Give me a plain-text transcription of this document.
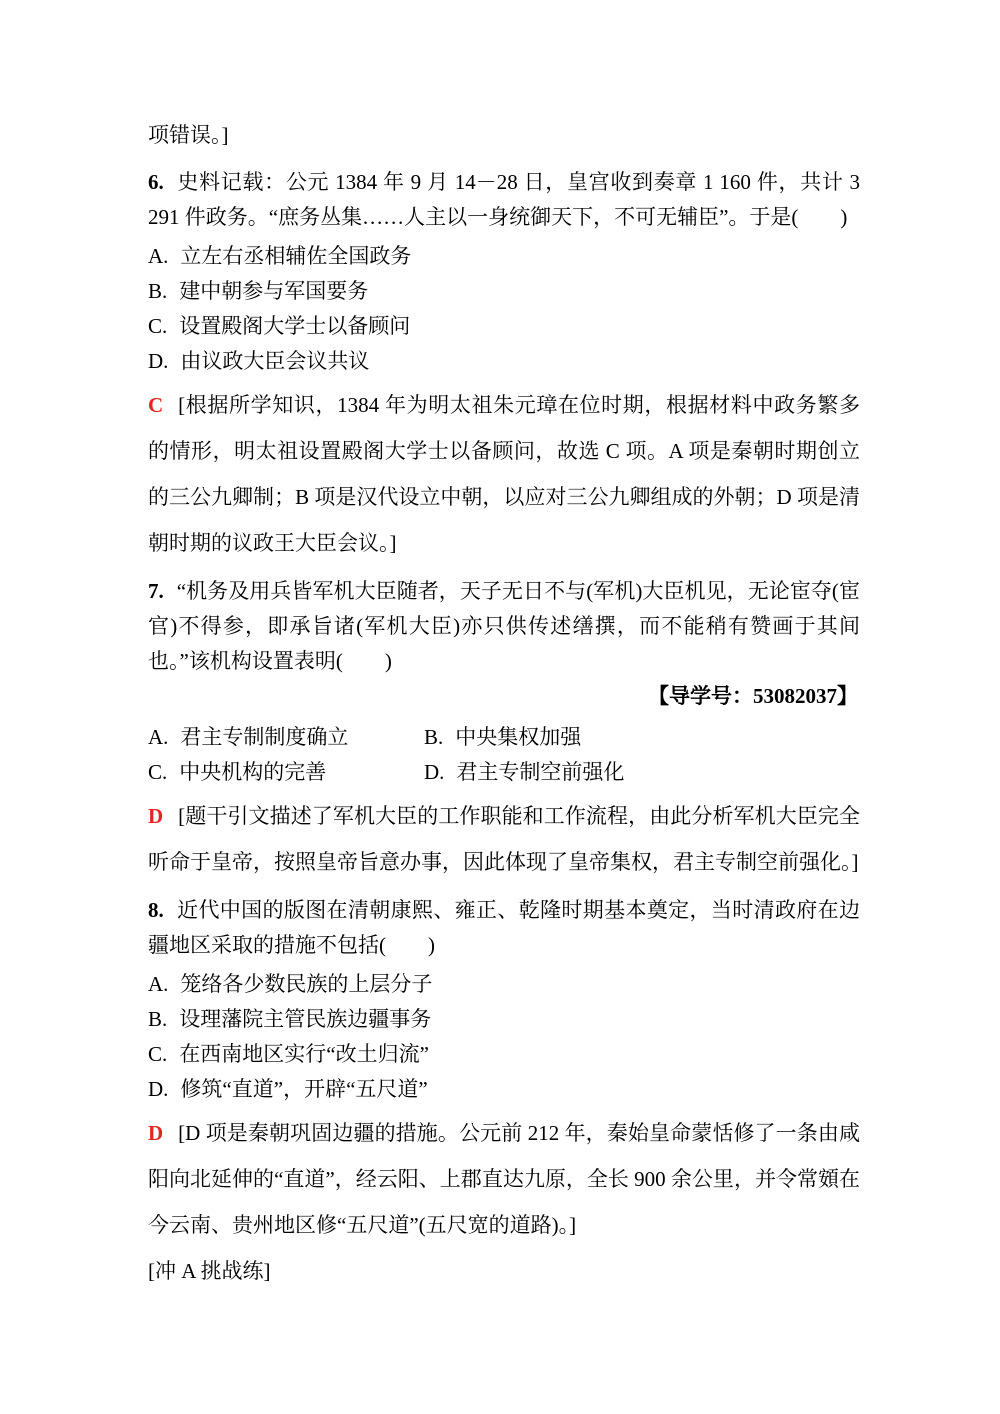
项错误。]

6. 史料记载：公元 1384 年 9 月 14－28 日，皇宫收到奏章 1 160 件，共计 3 291 件政务。“庶务丛集……人主以一身统御天下，不可无辅臣”。于是(　　)

A. 立左右丞相辅佐全国政务

B. 建中朝参与军国要务

C. 设置殿阁大学士以备顾问

D. 由议政大臣会议共议

C [根据所学知识，1384 年为明太祖朱元璋在位时期，根据材料中政务繁多的情形，明太祖设置殿阁大学士以备顾问，故选 C 项。A 项是秦朝时期创立的三公九卿制；B 项是汉代设立中朝，以应对三公九卿组成的外朝；D 项是清朝时期的议政王大臣会议。]

7. “机务及用兵皆军机大臣随者，天子无日不与(军机)大臣机见，无论宦夺(宦官)不得参，即承旨诸(军机大臣)亦只供传述缮撰，而不能稍有赞画于其间也。”该机构设置表明(　　)

【导学号：53082037】

A. 君主专制制度确立	B. 中央集权加强

C. 中央机构的完善	D. 君主专制空前强化

D [题干引文描述了军机大臣的工作职能和工作流程，由此分析军机大臣完全听命于皇帝，按照皇帝旨意办事，因此体现了皇帝集权，君主专制空前强化。]

8. 近代中国的版图在清朝康熙、雍正、乾隆时期基本奠定，当时清政府在边疆地区采取的措施不包括(　　)

A. 笼络各少数民族的上层分子

B. 设理藩院主管民族边疆事务

C. 在西南地区实行“改土归流”

D. 修筑“直道”，开辟“五尺道”

D [D 项是秦朝巩固边疆的措施。公元前 212 年，秦始皇命蒙恬修了一条由咸阳向北延伸的“直道”，经云阳、上郡直达九原，全长 900 余公里，并令常頞在今云南、贵州地区修“五尺道”(五尺宽的道路)。]

[冲 A 挑战练]
